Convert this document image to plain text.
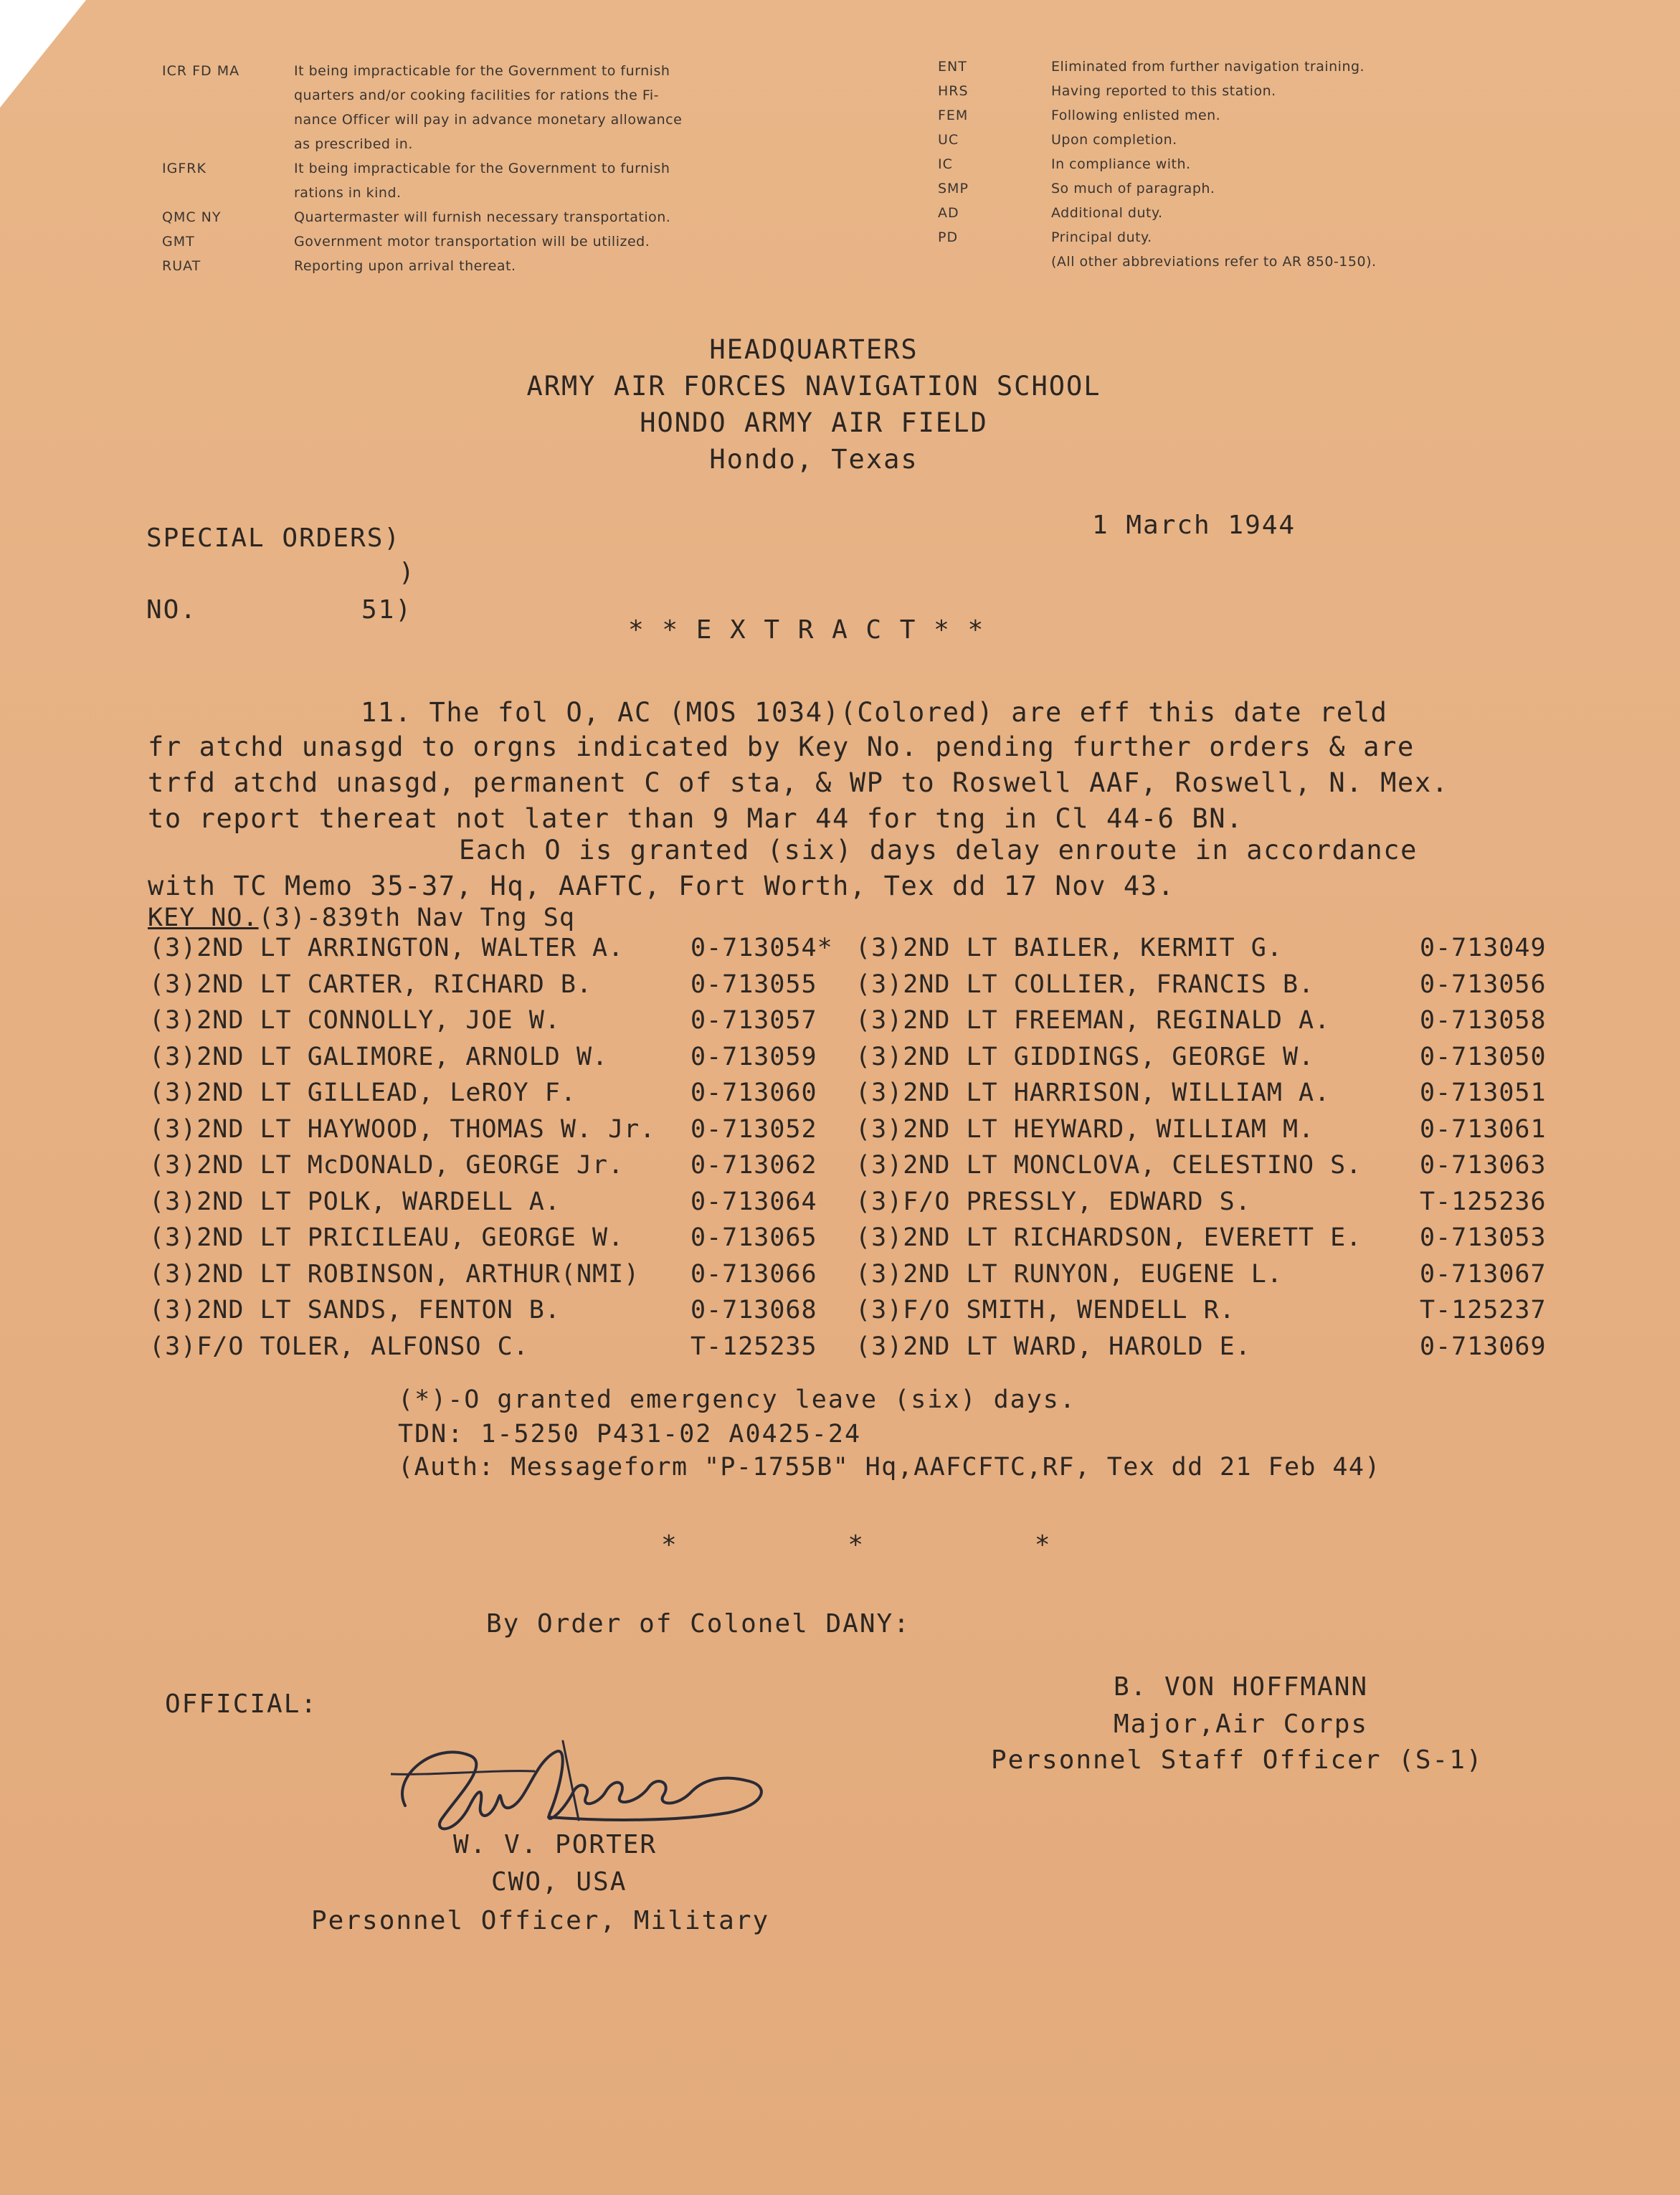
ICR FD MA	It being impracticable for the Government to furnish
quarters and/or cooking facilities for rations the Fi-
nance Officer will pay in advance monetary allowance
as prescribed in.
IGFRK	It being impracticable for the Government to furnish
rations in kind.
QMC NY	Quartermaster will furnish necessary transportation.
GMT	Government motor transportation will be utilized.
RUAT	Reporting upon arrival thereat.
ENT	Eliminated from further navigation training.
HRS	Having reported to this station.
FEM	Following enlisted men.
UC	Upon completion.
IC	In compliance with.
SMP	So much of paragraph.
AD	Additional duty.
PD	Principal duty.
(All other abbreviations refer to AR 850-150).
HEADQUARTERS
ARMY AIR FORCES NAVIGATION SCHOOL
HONDO ARMY AIR FIELD
Hondo, Texas
SPECIAL ORDERS)
)
NO.	51)
1 March 1944
* * E X T R A C T * *
11. The fol O, AC (MOS 1034)(Colored) are eff this date reld
fr atchd unasgd to orgns indicated by Key No. pending further orders & are
trfd atchd unasgd, permanent C of sta, & WP to Roswell AAF, Roswell, N. Mex.
to report thereat not later than 9 Mar 44 for tng in Cl 44-6 BN.
Each O is granted (six) days delay enroute in accordance
with TC Memo 35-37, Hq, AAFTC, Fort Worth, Tex dd 17 Nov 43.
KEY NO.(3)-839th Nav Tng Sq
(3)2ND LT ARRINGTON, WALTER A.	0-713054* (3)2ND LT BAILER, KERMIT G.	0-713049
(3)2ND LT CARTER, RICHARD B.	0-713055 (3)2ND LT COLLIER, FRANCIS B.	0-713056
(3)2ND LT CONNOLLY, JOE W.	0-713057 (3)2ND LT FREEMAN, REGINALD A.	0-713058
(3)2ND LT GALIMORE, ARNOLD W.	0-713059 (3)2ND LT GIDDINGS, GEORGE W.	0-713050
(3)2ND LT GILLEAD, LeROY F.	0-713060 (3)2ND LT HARRISON, WILLIAM A.	0-713051
(3)2ND LT HAYWOOD, THOMAS W. Jr. 0-713052 (3)2ND LT HEYWARD, WILLIAM M.	0-713061
(3)2ND LT McDONALD, GEORGE Jr.	0-713062 (3)2ND LT MONCLOVA, CELESTINO S. 0-713063
(3)2ND LT POLK, WARDELL A.	0-713064 (3)F/O PRESSLY, EDWARD S.	T-125236
(3)2ND LT PRICILEAU, GEORGE W.	0-713065 (3)2ND LT RICHARDSON, EVERETT E. 0-713053
(3)2ND LT ROBINSON, ARTHUR(NMI) 0-713066 (3)2ND LT RUNYON, EUGENE L.	0-713067
(3)2ND LT SANDS, FENTON B.	0-713068 (3)F/O SMITH, WENDELL R.	T-125237
(3)F/O TOLER, ALFONSO C.	T-125235 (3)2ND LT WARD, HAROLD E.	0-713069
(*)-O granted emergency leave (six) days.
TDN: 1-5250 P431-02 A0425-24
(Auth: Messageform "P-1755B" Hq,AAFCFTC,RF, Tex dd 21 Feb 44)
*          *          *
By Order of Colonel DANY:
OFFICIAL:
B. VON HOFFMANN
Major,Air Corps
Personnel Staff Officer (S-1)
W. V. PORTER
CWO, USA
Personnel Officer, Military
